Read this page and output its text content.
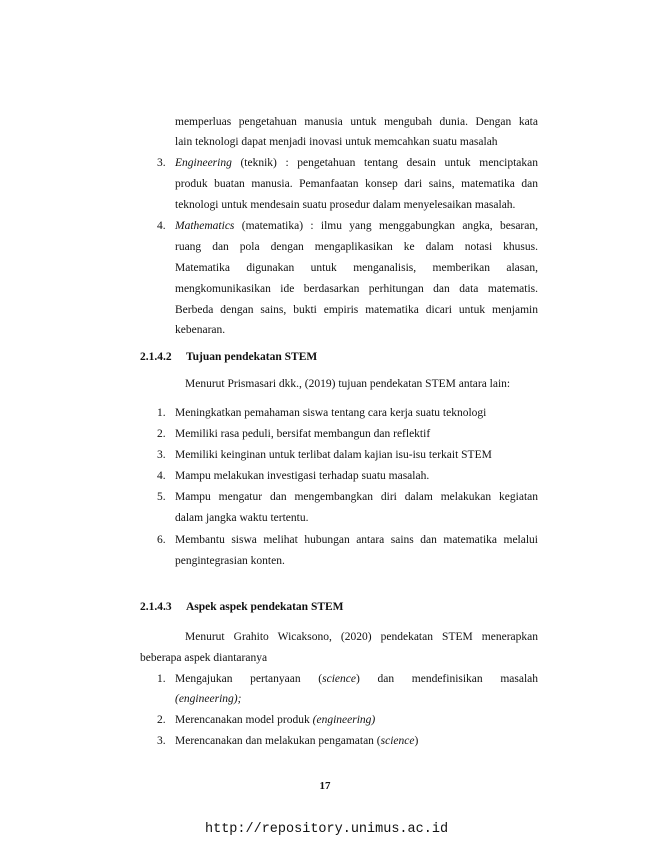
memperluas pengetahuan manusia untuk mengubah dunia. Dengan kata
lain teknologi dapat menjadi inovasi untuk memcahkan suatu masalah
3. Engineering (teknik) : pengetahuan tentang desain untuk menciptakan
produk buatan manusia. Pemanfaatan konsep dari sains, matematika dan
teknologi untuk mendesain suatu prosedur dalam menyelesaikan masalah.
4. Mathematics (matematika) : ilmu yang menggabungkan angka, besaran,
ruang dan pola dengan mengaplikasikan ke dalam notasi khusus.
Matematika digunakan untuk menganalisis, memberikan alasan,
mengkomunikasikan ide berdasarkan perhitungan dan data matematis.
Berbeda dengan sains, bukti empiris matematika dicari untuk menjamin
kebenaran.
2.1.4.2 Tujuan pendekatan STEM
Menurut Prismasari dkk., (2019) tujuan pendekatan STEM antara lain:
1. Meningkatkan pemahaman siswa tentang cara kerja suatu teknologi
2. Memiliki rasa peduli, bersifat membangun dan reflektif
3. Memiliki keinginan untuk terlibat dalam kajian isu-isu terkait STEM
4. Mampu melakukan investigasi terhadap suatu masalah.
5. Mampu mengatur dan mengembangkan diri dalam melakukan kegiatan
dalam jangka waktu tertentu.
6. Membantu siswa melihat hubungan antara sains dan matematika melalui
pengintegrasian konten.
2.1.4.3 Aspek aspek pendekatan STEM
Menurut Grahito Wicaksono, (2020) pendekatan STEM menerapkan
beberapa aspek diantaranya
1. Mengajukan pertanyaan (science) dan mendefinisikan masalah
(engineering);
2. Merencanakan model produk (engineering)
3. Merencanakan dan melakukan pengamatan (science)
17
http://repository.unimus.ac.id
